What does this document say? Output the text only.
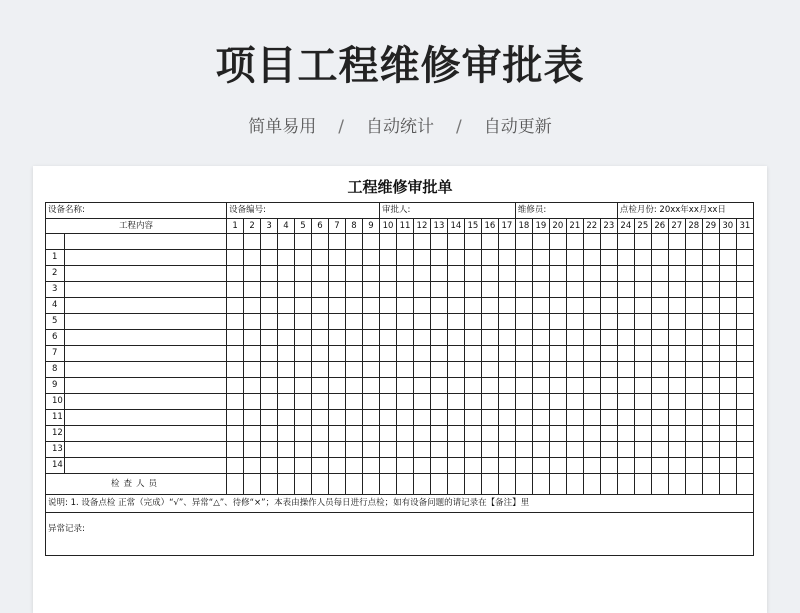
项目工程维修审批表
简单易用 / 自动统计 / 自动更新
工程维修审批单
设备名称:		设备编号:									审批人:								维修员:						点检月份: 20xx年xx月xx日							
工程内容		1	2	3	4	5	6	7	8	9	10	11	12	13	14	15	16	17	18	19	20	21	22	23	24	25	26	27	28	29	30	31

1																																
2																																
3																																
4																																
5																																
6																																
7																																
8																																
9																																
10																																
11																																
12																																
13																																
14																																
检查人员																																
说明: 1. 设备点检 正常（完成）“√”、异常“△”、待修“×”；本表由操作人员每日进行点检；如有设备问题的请记录在【备注】里																																
异常记录:																																
